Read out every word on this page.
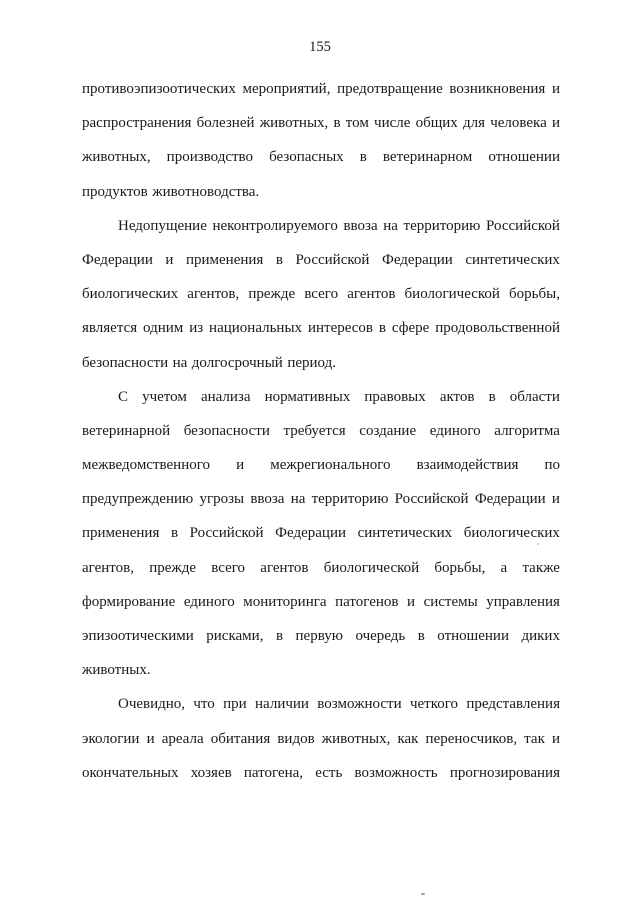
155
противоэпизоотических мероприятий, предотвращение возникновения и
распространения болезней животных, в том числе общих для человека и
животных, производство безопасных в ветеринарном отношении
продуктов животноводства.
Недопущение неконтролируемого ввоза на территорию Российской
Федерации и применения в Российской Федерации синтетических
биологических агентов, прежде всего агентов биологической борьбы,
является одним из национальных интересов в сфере продовольственной
безопасности на долгосрочный период.
С учетом анализа нормативных правовых актов в области
ветеринарной безопасности требуется создание единого алгоритма
межведомственного и межрегионального взаимодействия по
предупреждению угрозы ввоза на территорию Российской Федерации и
применения в Российской Федерации синтетических биологических
агентов, прежде всего агентов биологической борьбы, а также
формирование единого мониторинга патогенов и системы управления
эпизоотическими рисками, в первую очередь в отношении диких
животных.
Очевидно, что при наличии возможности четкого представления
экологии и ареала обитания видов животных, как переносчиков, так и
окончательных хозяев патогена, есть возможность прогнозирования
